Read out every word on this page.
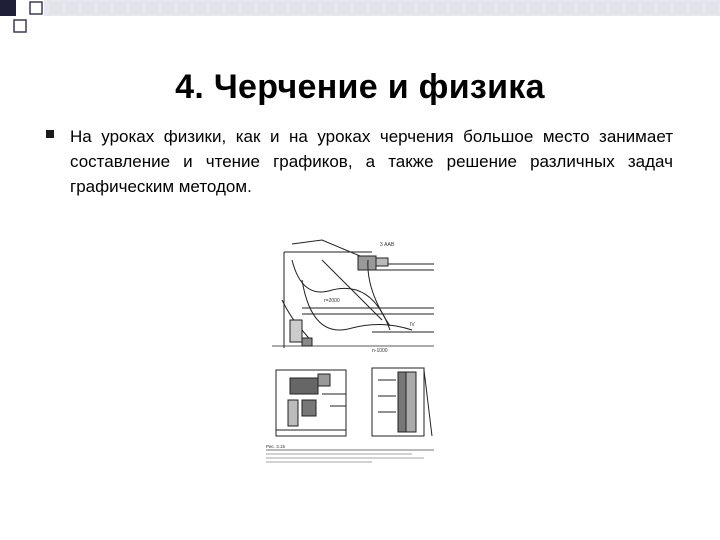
4. Черчение и физика
На уроках физики, как и на уроках черчения большое место занимает составление и чтение графиков, а также решение различных задач графическим методом.
3 ААВ
r=2000
n-1000
IV
Рис. 3.15
